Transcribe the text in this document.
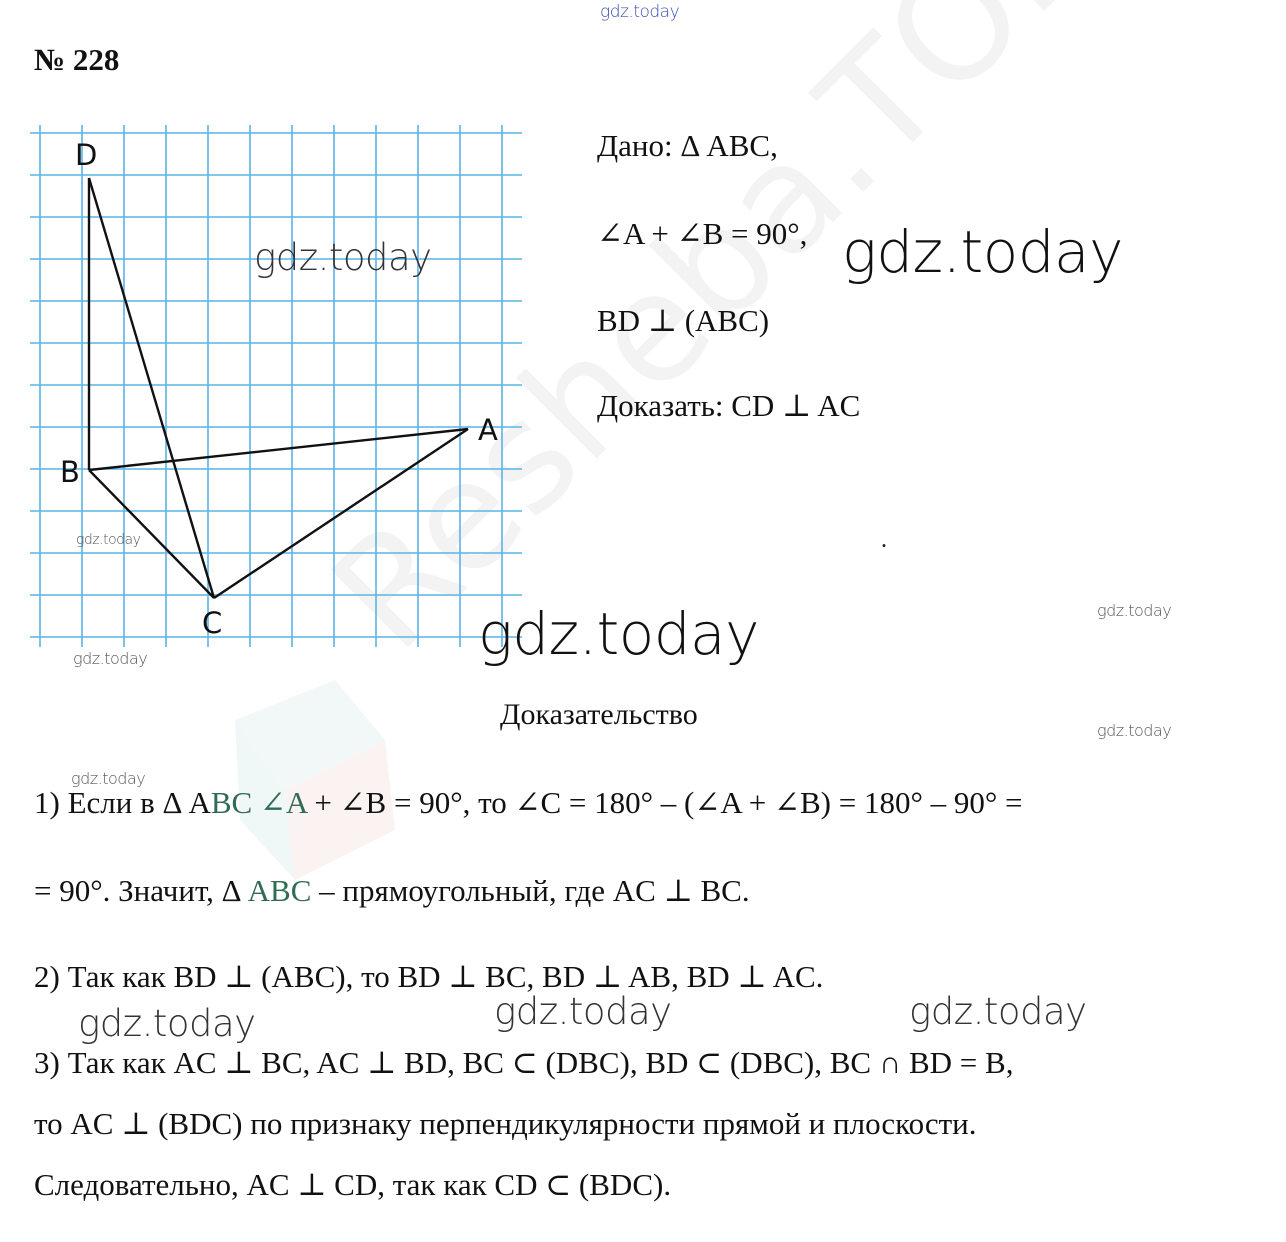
gdz.today
№ 228
D
B
A
C
gdz.today
gdz.today
gdz.today
Дано: Δ ABC,
∠A + ∠B = 90°,
BD ⊥ (ABC)
Доказать: CD ⊥ AC
.
gdz.today
gdz.today	gdz.today
gdz.today
Доказательство
gdz.today
1) Если в Δ ABC ∠A + ∠B = 90°, то ∠C = 180° – (∠A + ∠B) = 180° – 90° =
= 90°. Значит, Δ ABC – прямоугольный, где AC ⊥ BC.
2) Так как BD ⊥ (ABC), то BD ⊥ BC, BD ⊥ AB, BD ⊥ AC.
gdz.today	gdz.today	gdz.today
3) Так как AC ⊥ BC, AC ⊥ BD, BC ⊂ (DBC), BD ⊂ (DBC), BC ∩ BD = B,
то AC ⊥ (BDC) по признаку перпендикулярности прямой и плоскости.
Следовательно, AC ⊥ CD, так как CD ⊂ (BDC).
